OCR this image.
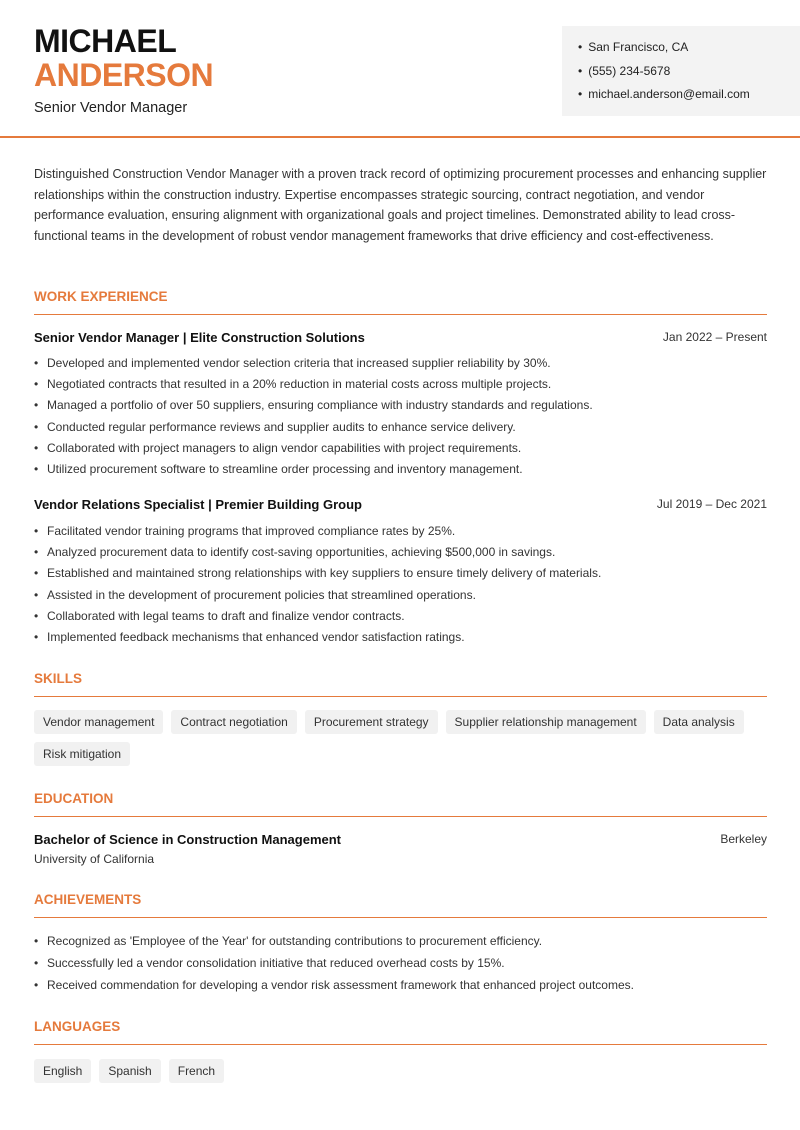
MICHAEL
ANDERSON
Senior Vendor Manager
• San Francisco, CA
• (555) 234-5678
• michael.anderson@email.com

Distinguished Construction Vendor Manager with a proven track record of optimizing procurement processes and enhancing supplier relationships within the construction industry. Expertise encompasses strategic sourcing, contract negotiation, and vendor performance evaluation, ensuring alignment with organizational goals and project timelines. Demonstrated ability to lead cross-functional teams in the development of robust vendor management frameworks that drive efficiency and cost-effectiveness.

WORK EXPERIENCE
Senior Vendor Manager | Elite Construction Solutions	Jan 2022 – Present
• Developed and implemented vendor selection criteria that increased supplier reliability by 30%.
• Negotiated contracts that resulted in a 20% reduction in material costs across multiple projects.
• Managed a portfolio of over 50 suppliers, ensuring compliance with industry standards and regulations.
• Conducted regular performance reviews and supplier audits to enhance service delivery.
• Collaborated with project managers to align vendor capabilities with project requirements.
• Utilized procurement software to streamline order processing and inventory management.
Vendor Relations Specialist | Premier Building Group	Jul 2019 – Dec 2021
• Facilitated vendor training programs that improved compliance rates by 25%.
• Analyzed procurement data to identify cost-saving opportunities, achieving $500,000 in savings.
• Established and maintained strong relationships with key suppliers to ensure timely delivery of materials.
• Assisted in the development of procurement policies that streamlined operations.
• Collaborated with legal teams to draft and finalize vendor contracts.
• Implemented feedback mechanisms that enhanced vendor satisfaction ratings.
SKILLS
Vendor management	Contract negotiation	Procurement strategy	Supplier relationship management	Data analysis
Risk mitigation
EDUCATION
Bachelor of Science in Construction Management	Berkeley
University of California
ACHIEVEMENTS
• Recognized as 'Employee of the Year' for outstanding contributions to procurement efficiency.
• Successfully led a vendor consolidation initiative that reduced overhead costs by 15%.
• Received commendation for developing a vendor risk assessment framework that enhanced project outcomes.
LANGUAGES
English	Spanish	French
